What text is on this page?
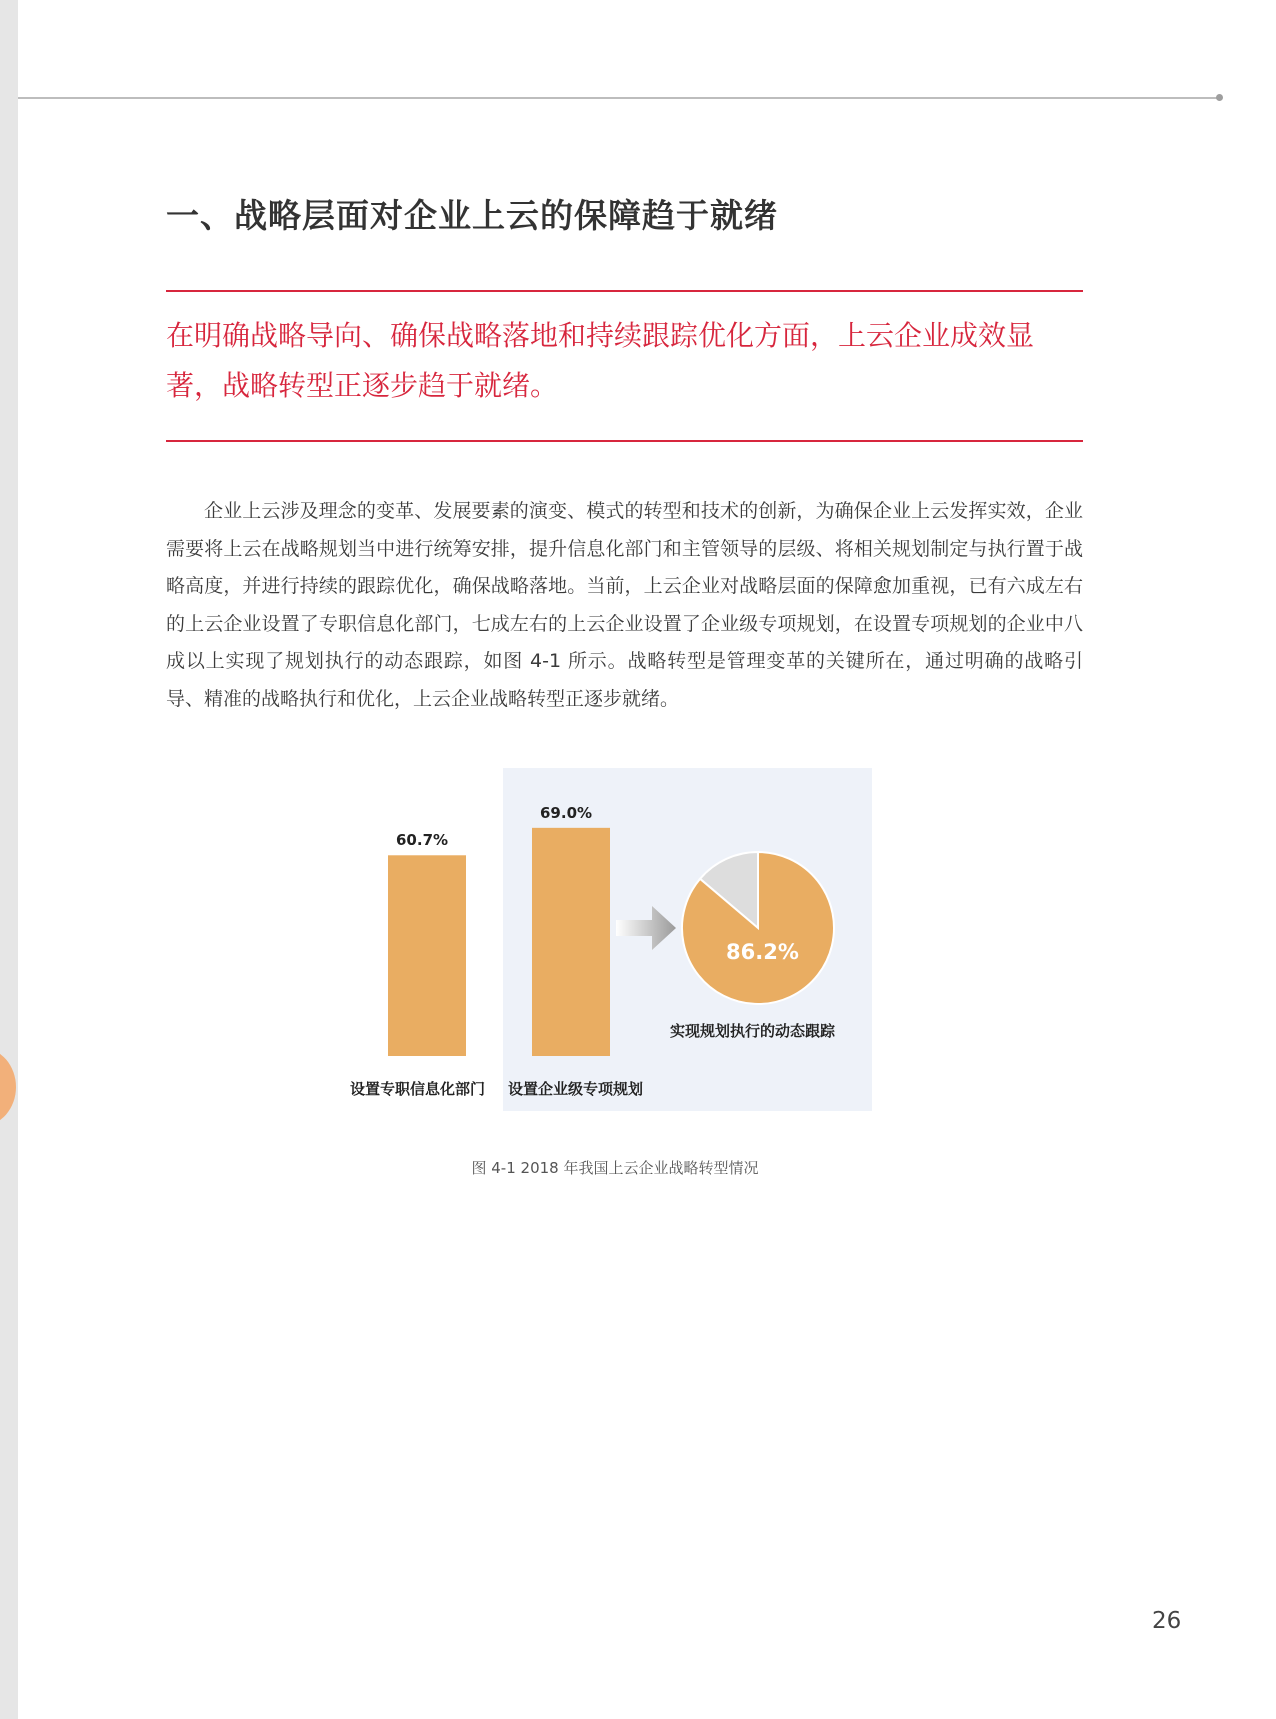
一、战略层面对企业上云的保障趋于就绪

在明确战略导向、确保战略落地和持续跟踪优化方面，上云企业成效显著，战略转型正逐步趋于就绪。

企业上云涉及理念的变革、发展要素的演变、模式的转型和技术的创新，为确保企业上云发挥实效，企业需要将上云在战略规划当中进行统筹安排，提升信息化部门和主管领导的层级、将相关规划制定与执行置于战略高度，并进行持续的跟踪优化，确保战略落地。当前，上云企业对战略层面的保障愈加重视，已有六成左右的上云企业设置了专职信息化部门，七成左右的上云企业设置了企业级专项规划，在设置专项规划的企业中八成以上实现了规划执行的动态跟踪，如图 4-1 所示。战略转型是管理变革的关键所在，通过明确的战略引导、精准的战略执行和优化，上云企业战略转型正逐步就绪。

60.7%
69.0%
设置专职信息化部门 设置企业级专项规划
86.2%
实现规划执行的动态跟踪

图 4-1 2018 年我国上云企业战略转型情况

26
